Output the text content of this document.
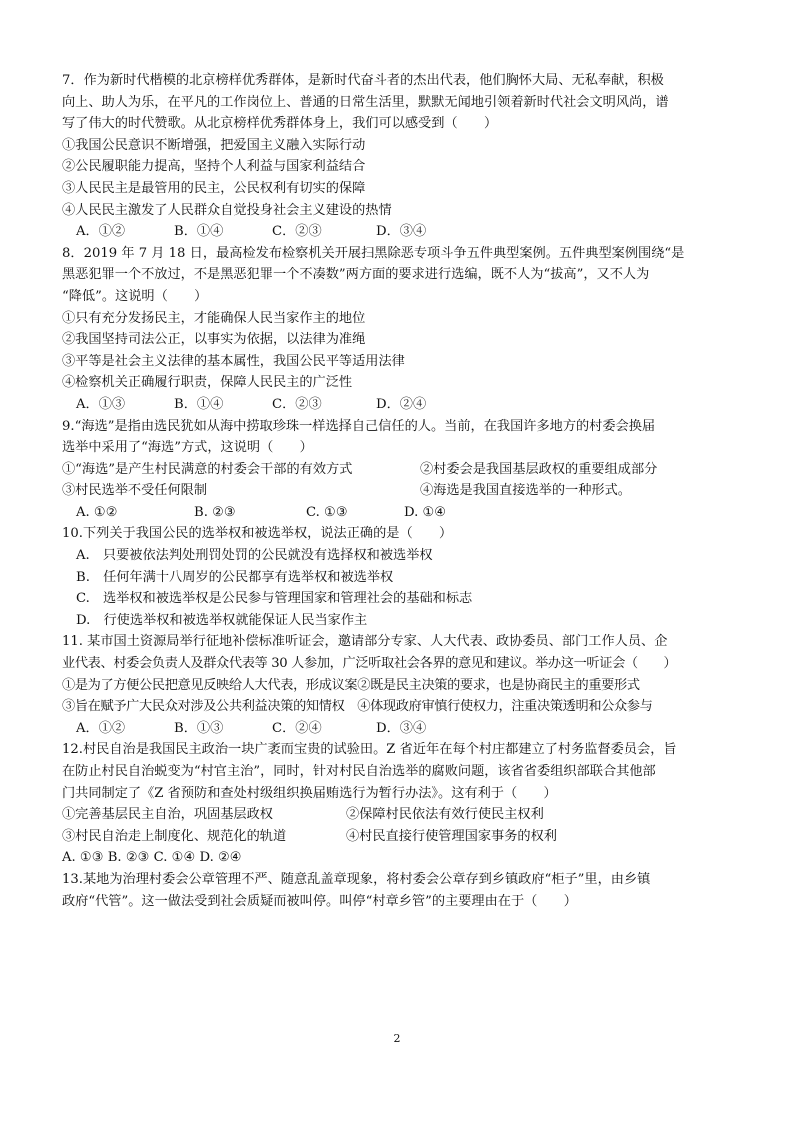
7．作为新时代楷模的北京榜样优秀群体，是新时代奋斗者的杰出代表，他们胸怀大局、无私奉献，积极

向上、助人为乐，在平凡的工作岗位上、普通的日常生活里，默默无闻地引领着新时代社会文明风尚，谱

写了伟大的时代赞歌。从北京榜样优秀群体身上，我们可以感受到（　　）

①我国公民意识不断增强，把爱国主义融入实际行动

②公民履职能力提高，坚持个人利益与国家利益结合

③人民民主是最管用的民主，公民权利有切实的保障

④人民民主激发了人民群众自觉投身社会主义建设的热情

A．①②	B．①④	C．②③	D．③④

8．2019 年 7 月 18 日，最高检发布检察机关开展扫黑除恶专项斗争五件典型案例。五件典型案例围绕“是

黑恶犯罪一个不放过，不是黑恶犯罪一个不凑数”两方面的要求进行选编，既不人为“拔高”，又不人为

“降低”。这说明（　　）

①只有充分发扬民主，才能确保人民当家作主的地位

②我国坚持司法公正，以事实为依据，以法律为准绳

③平等是社会主义法律的基本属性，我国公民平等适用法律

④检察机关正确履行职责，保障人民民主的广泛性

A．①③	B．①④	C．②③	D．②④

9.“海选”是指由选民犹如从海中捞取珍珠一样选择自己信任的人。当前，在我国许多地方的村委会换届

选举中采用了“海选”方式，这说明（　　）

①“海选”是产生村民满意的村委会干部的有效方式	②村委会是我国基层政权的重要组成部分
③村民选举不受任何限制	④海选是我国直接选举的一种形式。
A. ①②	B. ②③	C. ①③	D. ①④

10.下列关于我国公民的选举权和被选举权，说法正确的是（　　）

A.　只要被依法判处刑罚处罚的公民就没有选择权和被选举权

B.　任何年满十八周岁的公民都享有选举权和被选举权

C.　选举权和被选举权是公民参与管理国家和管理社会的基础和标志

D.　行使选举权和被选举权就能保证人民当家作主

11. 某市国土资源局举行征地补偿标准听证会，邀请部分专家、人大代表、政协委员、部门工作人员、企

业代表、村委会负责人及群众代表等 30 人参加，广泛听取社会各界的意见和建议。举办这一听证会（　　）

①是为了方便公民把意见反映给人大代表，形成议案②既是民主决策的要求，也是协商民主的重要形式

③旨在赋予广大民众对涉及公共利益决策的知情权　④体现政府审慎行使权力，注重决策透明和公众参与

A．①②	B．①③	C．②④	D．③④

12.村民自治是我国民主政治一块广袤而宝贵的试验田。Z 省近年在每个村庄都建立了村务监督委员会，旨

在防止村民自治蜕变为“村官主治”，同时，针对村民自治选举的腐败问题，该省省委组织部联合其他部

门共同制定了《Z 省预防和查处村级组织换届贿选行为暂行办法》。这有利于（　　）

①完善基层民主自治，巩固基层政权	②保障村民依法有效行使民主权利
③村民自治走上制度化、规范化的轨道	④村民直接行使管理国家事务的权利

A. ①③ B. ②③ C. ①④ D. ②④

13.某地为治理村委会公章管理不严、随意乱盖章现象，将村委会公章存到乡镇政府“柜子”里，由乡镇

政府“代管”。这一做法受到社会质疑而被叫停。叫停“村章乡管”的主要理由在于（　　）

2
